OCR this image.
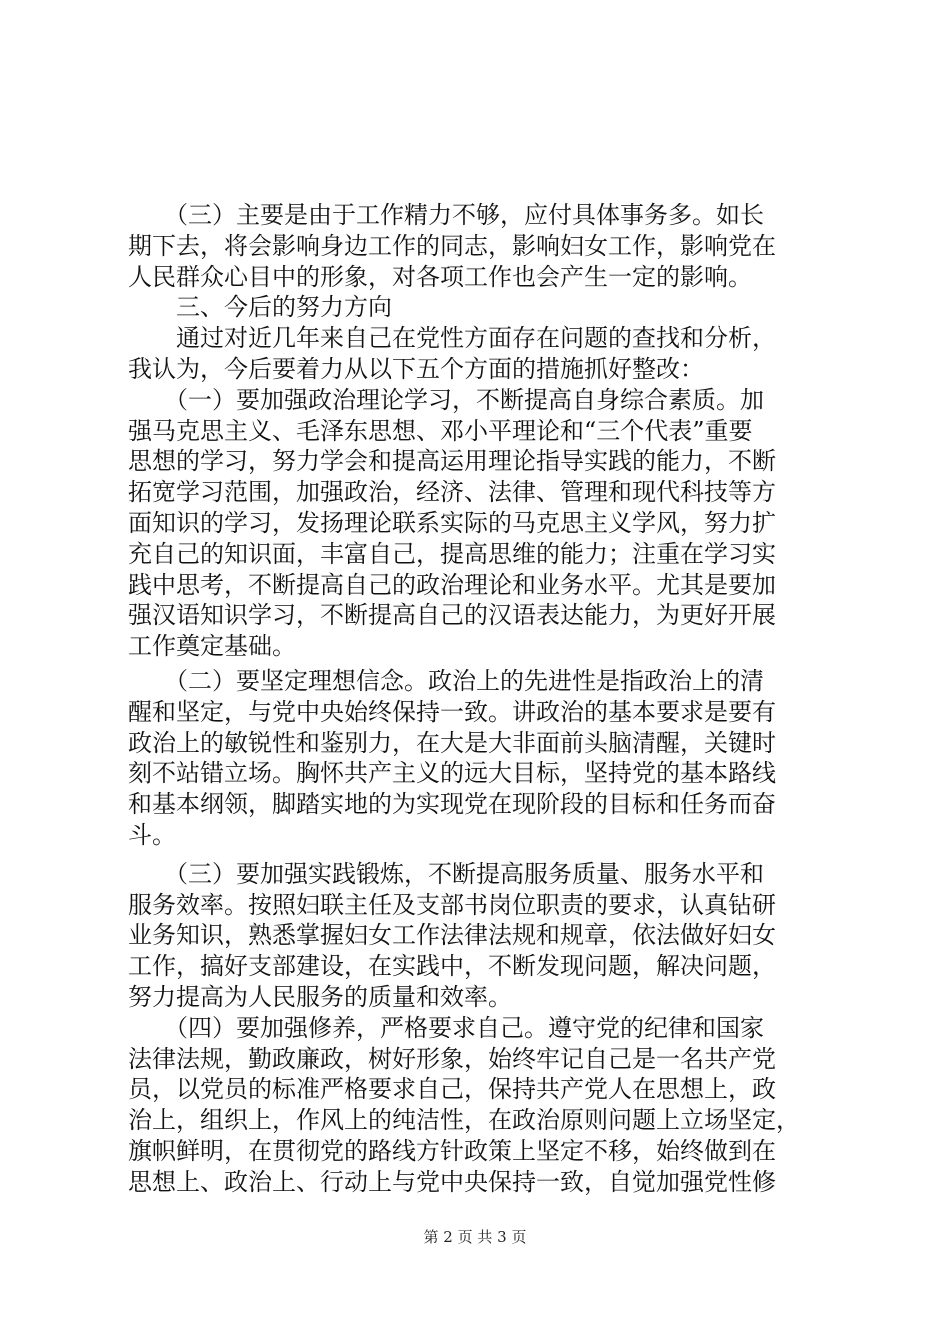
　　（三）主要是由于工作精力不够，应付具体事务多。如长
期下去，将会影响身边工作的同志，影响妇女工作，影响党在
人民群众心目中的形象，对各项工作也会产生一定的影响。
　　三、今后的努力方向
　　通过对近几年来自己在党性方面存在问题的查找和分析，
我认为，今后要着力从以下五个方面的措施抓好整改：
　　（一）要加强政治理论学习，不断提高自身综合素质。加
强马克思主义、毛泽东思想、邓小平理论和“三个代表”重要
思想的学习，努力学会和提高运用理论指导实践的能力，不断
拓宽学习范围，加强政治，经济、法律、管理和现代科技等方
面知识的学习，发扬理论联系实际的马克思主义学风，努力扩
充自己的知识面，丰富自己，提高思维的能力；注重在学习实
践中思考，不断提高自己的政治理论和业务水平。尤其是要加
强汉语知识学习，不断提高自己的汉语表达能力，为更好开展
工作奠定基础。
　　（二）要坚定理想信念。政治上的先进性是指政治上的清
醒和坚定，与党中央始终保持一致。讲政治的基本要求是要有
政治上的敏锐性和鉴别力，在大是大非面前头脑清醒，关键时
刻不站错立场。胸怀共产主义的远大目标，坚持党的基本路线
和基本纲领，脚踏实地的为实现党在现阶段的目标和任务而奋
斗。
　　（三）要加强实践锻炼，不断提高服务质量、服务水平和
服务效率。按照妇联主任及支部书岗位职责的要求，认真钻研
业务知识，熟悉掌握妇女工作法律法规和规章，依法做好妇女
工作，搞好支部建设，在实践中，不断发现问题，解决问题，
努力提高为人民服务的质量和效率。
　　（四）要加强修养，严格要求自己。遵守党的纪律和国家
法律法规，勤政廉政，树好形象，始终牢记自己是一名共产党
员，以党员的标准严格要求自己，保持共产党人在思想上，政
治上，组织上，作风上的纯洁性，在政治原则问题上立场坚定，
旗帜鲜明，在贯彻党的路线方针政策上坚定不移，始终做到在
思想上、政治上、行动上与党中央保持一致，自觉加强党性修
第 2 页 共 3 页
